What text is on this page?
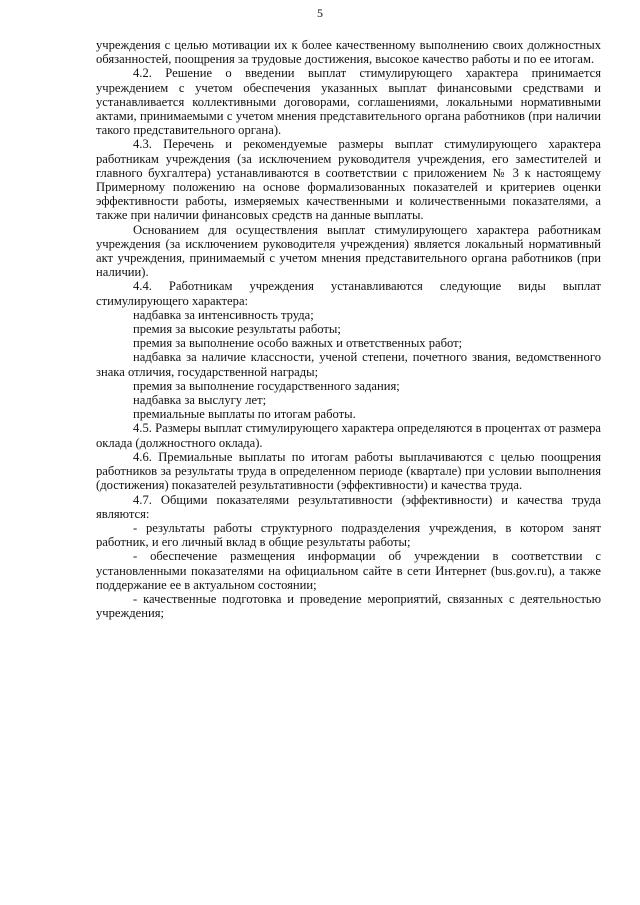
5

учреждения с целью мотивации их к более качественному выполнению своих должностных обязанностей, поощрения за трудовые достижения, высокое качество работы и по ее итогам.

4.2. Решение о введении выплат стимулирующего характера принимается учреждением с учетом обеспечения указанных выплат финансовыми средствами и устанавливается коллективными договорами, соглашениями, локальными нормативными актами, принимаемыми с учетом мнения представительного органа работников (при наличии такого представительного органа).

4.3. Перечень и рекомендуемые размеры выплат стимулирующего характера работникам учреждения (за исключением руководителя учреждения, его заместителей и главного бухгалтера) устанавливаются в соответствии с приложением № 3 к настоящему Примерному положению на основе формализованных показателей и критериев оценки эффективности работы, измеряемых качественными и количественными показателями, а также при наличии финансовых средств на данные выплаты.

Основанием для осуществления выплат стимулирующего характера работникам учреждения (за исключением руководителя учреждения) является локальный нормативный акт учреждения, принимаемый с учетом мнения представительного органа работников (при наличии).

4.4. Работникам учреждения устанавливаются следующие виды выплат стимулирующего характера:

надбавка за интенсивность труда;

премия за высокие результаты работы;

премия за выполнение особо важных и ответственных работ;

надбавка за наличие классности, ученой степени, почетного звания, ведомственного знака отличия, государственной награды;

премия за выполнение государственного задания;

надбавка за выслугу лет;

премиальные выплаты по итогам работы.

4.5. Размеры выплат стимулирующего характера определяются в процентах от размера оклада (должностного оклада).

4.6. Премиальные выплаты по итогам работы выплачиваются с целью поощрения работников за результаты труда в определенном периоде (квартале) при условии выполнения (достижения) показателей результативности (эффективности) и качества труда.

4.7. Общими показателями результативности (эффективности) и качества труда являются:

- результаты работы структурного подразделения учреждения, в котором занят работник, и его личный вклад в общие результаты работы;

- обеспечение размещения информации об учреждении в соответствии с установленными показателями на официальном сайте в сети Интернет (bus.gov.ru), а также поддержание ее в актуальном состоянии;

- качественные подготовка и проведение мероприятий, связанных с деятельностью учреждения;
